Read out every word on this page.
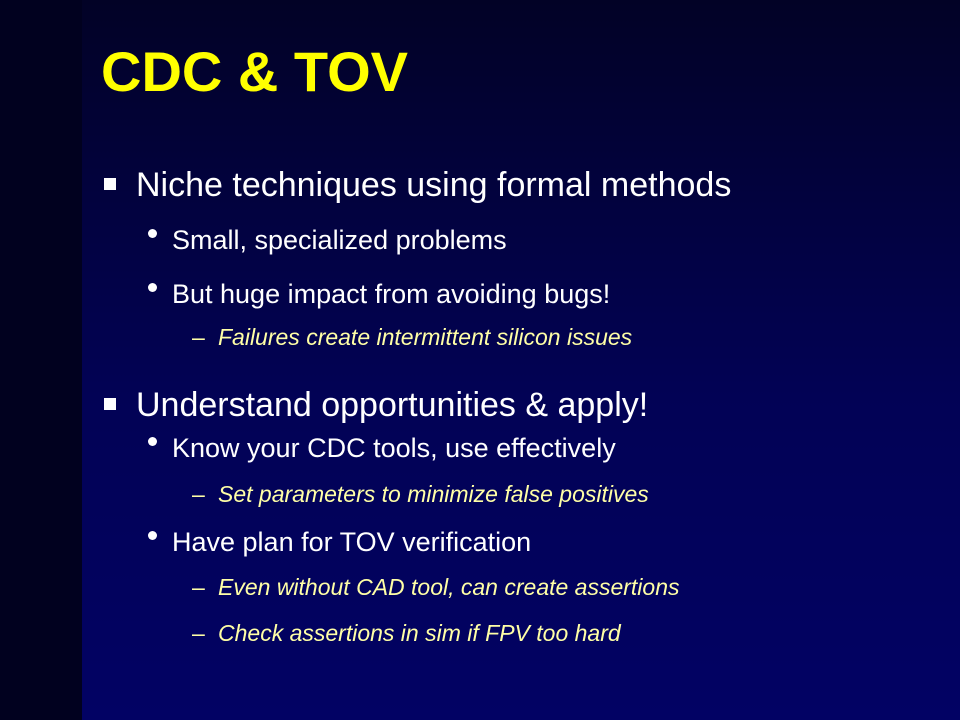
CDC & TOV
Niche techniques using formal methods
Small, specialized problems
But huge impact from avoiding bugs!
– Failures create intermittent silicon issues
Understand opportunities & apply!
Know your CDC tools, use effectively
– Set parameters to minimize false positives
Have plan for TOV verification
– Even without CAD tool, can create assertions
– Check assertions in sim if FPV too hard
